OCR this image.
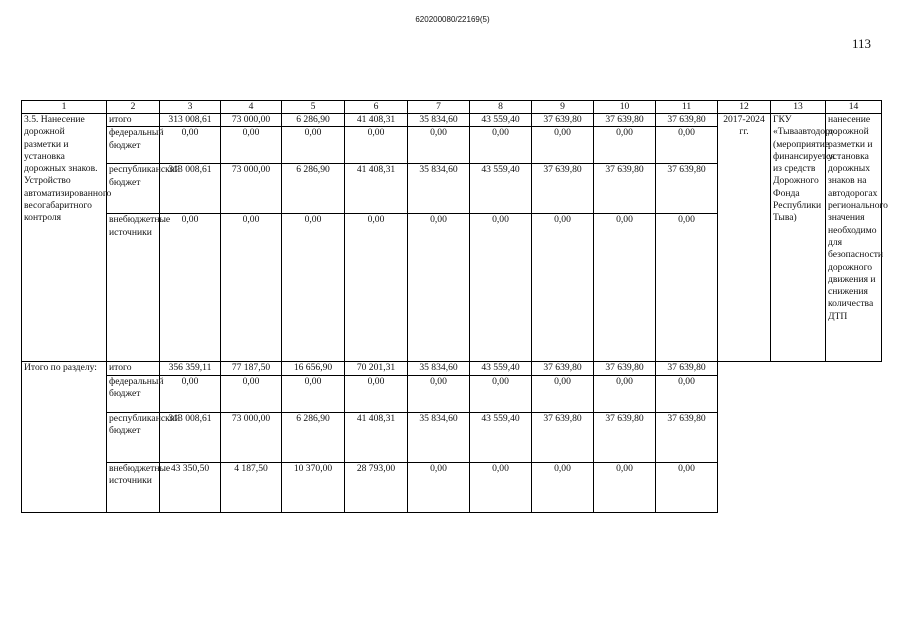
620200080/22169(5)
113
1	2	3	4	5	6	7	8	9	10	11	12	13	14
3.5. Нанесение дорожной разметки и установка дорожных знаков. Устройство автоматизированного весогабаритного контроля	итого	313 008,61	73 000,00	6 286,90	41 408,31	35 834,60	43 559,40	37 639,80	37 639,80	37 639,80	2017-2024 гг.	ГКУ «Тываавтодор». (мероприятие финансируется из средств Дорожного Фонда Республики Тыва)	нанесение дорожной разметки и установка дорожных знаков на автодорогах регионального значения необходимо для безопасности дорожного движения и снижения количества ДТП
	федеральный бюджет	0,00	0,00	0,00	0,00	0,00	0,00	0,00	0,00	0,00			
	республиканский бюджет	313 008,61	73 000,00	6 286,90	41 408,31	35 834,60	43 559,40	37 639,80	37 639,80	37 639,80			
	внебюджетные источники	0,00	0,00	0,00	0,00	0,00	0,00	0,00	0,00	0,00			
Итого по разделу:	итого	356 359,11	77 187,50	16 656,90	70 201,31	35 834,60	43 559,40	37 639,80	37 639,80	37 639,80			
	федеральный бюджет	0,00	0,00	0,00	0,00	0,00	0,00	0,00	0,00	0,00			
	республиканский бюджет	313 008,61	73 000,00	6 286,90	41 408,31	35 834,60	43 559,40	37 639,80	37 639,80	37 639,80			
	внебюджетные источники	43 350,50	4 187,50	10 370,00	28 793,00	0,00	0,00	0,00	0,00	0,00			
